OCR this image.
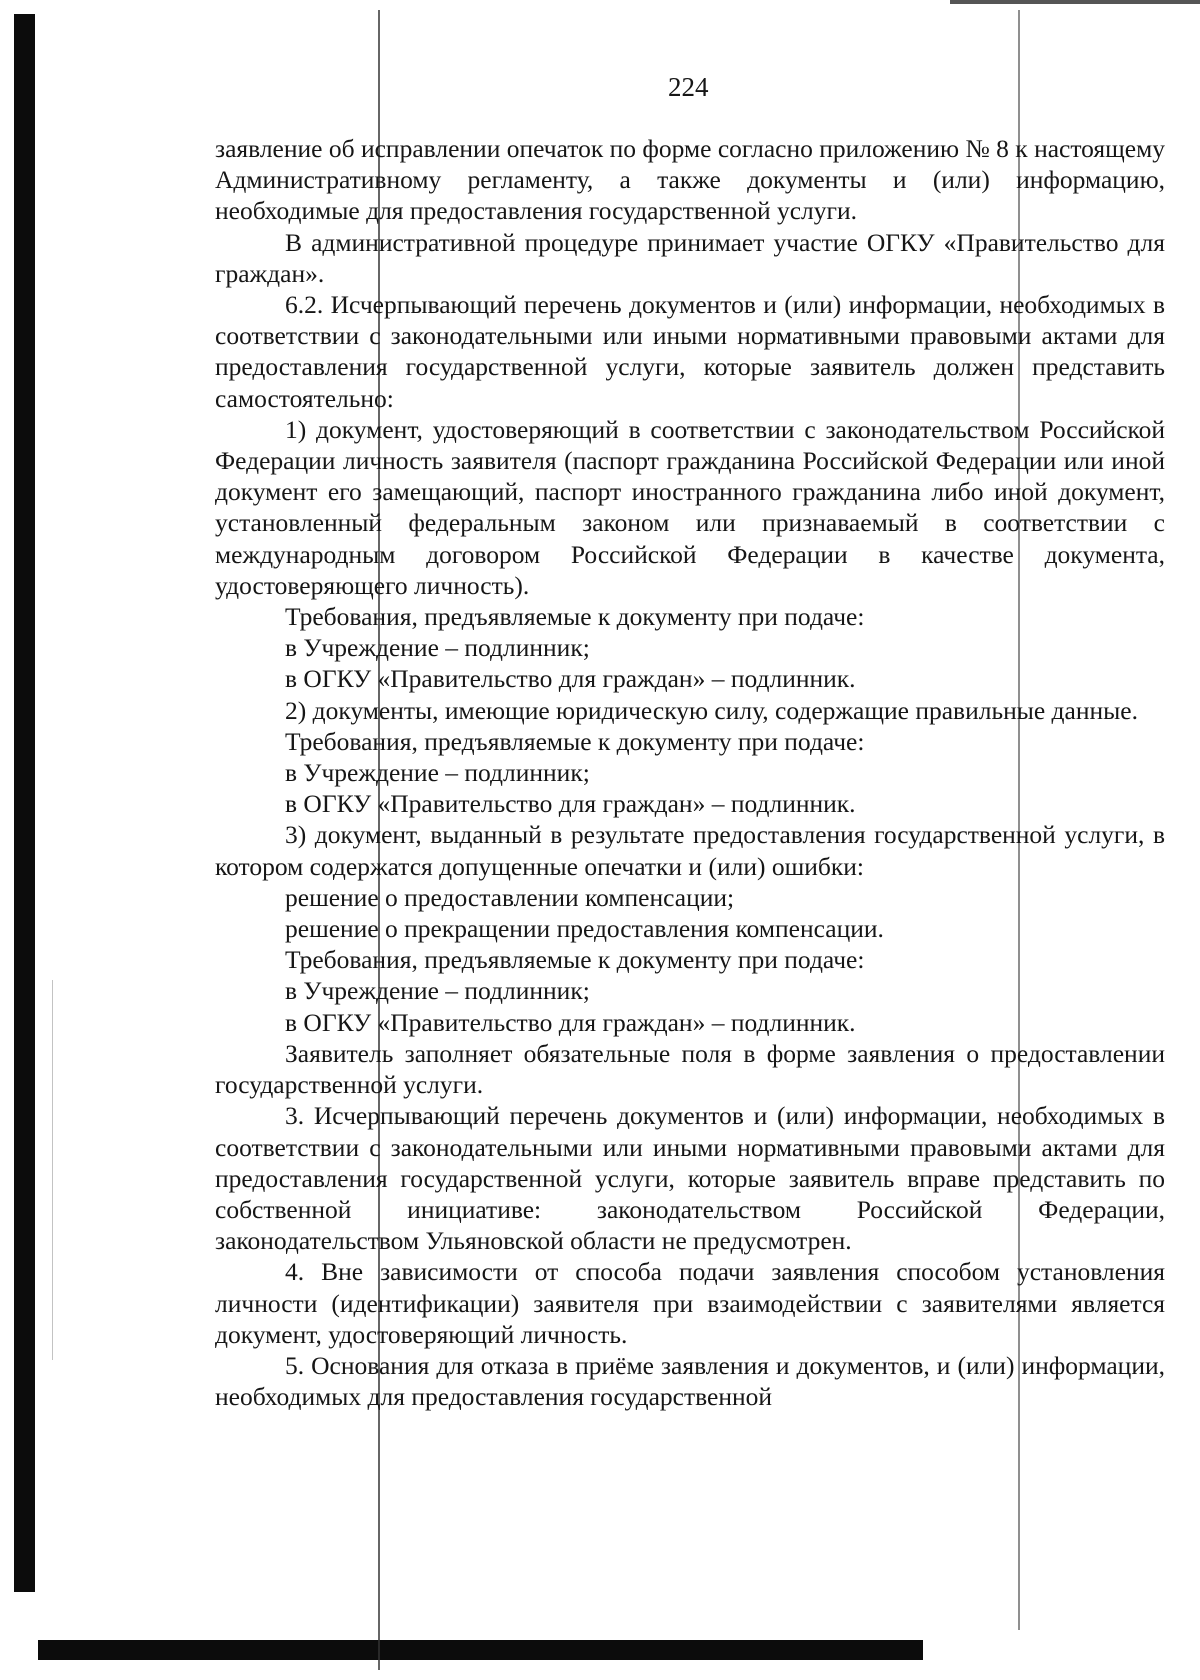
224

заявление об исправлении опечаток по форме согласно приложению № 8 к настоящему Административному регламенту, а также документы и (или) информацию, необходимые для предоставления государственной услуги.

В административной процедуре принимает участие ОГКУ «Правительство для граждан».

6.2. Исчерпывающий перечень документов и (или) информации, необходимых в соответствии с законодательными или иными нормативными правовыми актами для предоставления государственной услуги, которые заявитель должен представить самостоятельно:

1) документ, удостоверяющий в соответствии с законодательством Российской Федерации личность заявителя (паспорт гражданина Российской Федерации или иной документ его замещающий, паспорт иностранного гражданина либо иной документ, установленный федеральным законом или признаваемый в соответствии с международным договором Российской Федерации в качестве документа, удостоверяющего личность).

Требования, предъявляемые к документу при подаче:

в Учреждение – подлинник;

в ОГКУ «Правительство для граждан» – подлинник.

2) документы, имеющие юридическую силу, содержащие правильные данные.

Требования, предъявляемые к документу при подаче:

в Учреждение – подлинник;

в ОГКУ «Правительство для граждан» – подлинник.

3) документ, выданный в результате предоставления государственной услуги, в котором содержатся допущенные опечатки и (или) ошибки:

решение о предоставлении компенсации;

решение о прекращении предоставления компенсации.

Требования, предъявляемые к документу при подаче:

в Учреждение – подлинник;

в ОГКУ «Правительство для граждан» – подлинник.

Заявитель заполняет обязательные поля в форме заявления о предоставлении государственной услуги.

3. Исчерпывающий перечень документов и (или) информации, необходимых в соответствии с законодательными или иными нормативными правовыми актами для предоставления государственной услуги, которые заявитель вправе представить по собственной инициативе: законодательством Российской Федерации, законодательством Ульяновской области не предусмотрен.

4. Вне зависимости от способа подачи заявления способом установления личности (идентификации) заявителя при взаимодействии с заявителями является документ, удостоверяющий личность.

5. Основания для отказа в приёме заявления и документов, и (или) информации, необходимых для предоставления государственной
